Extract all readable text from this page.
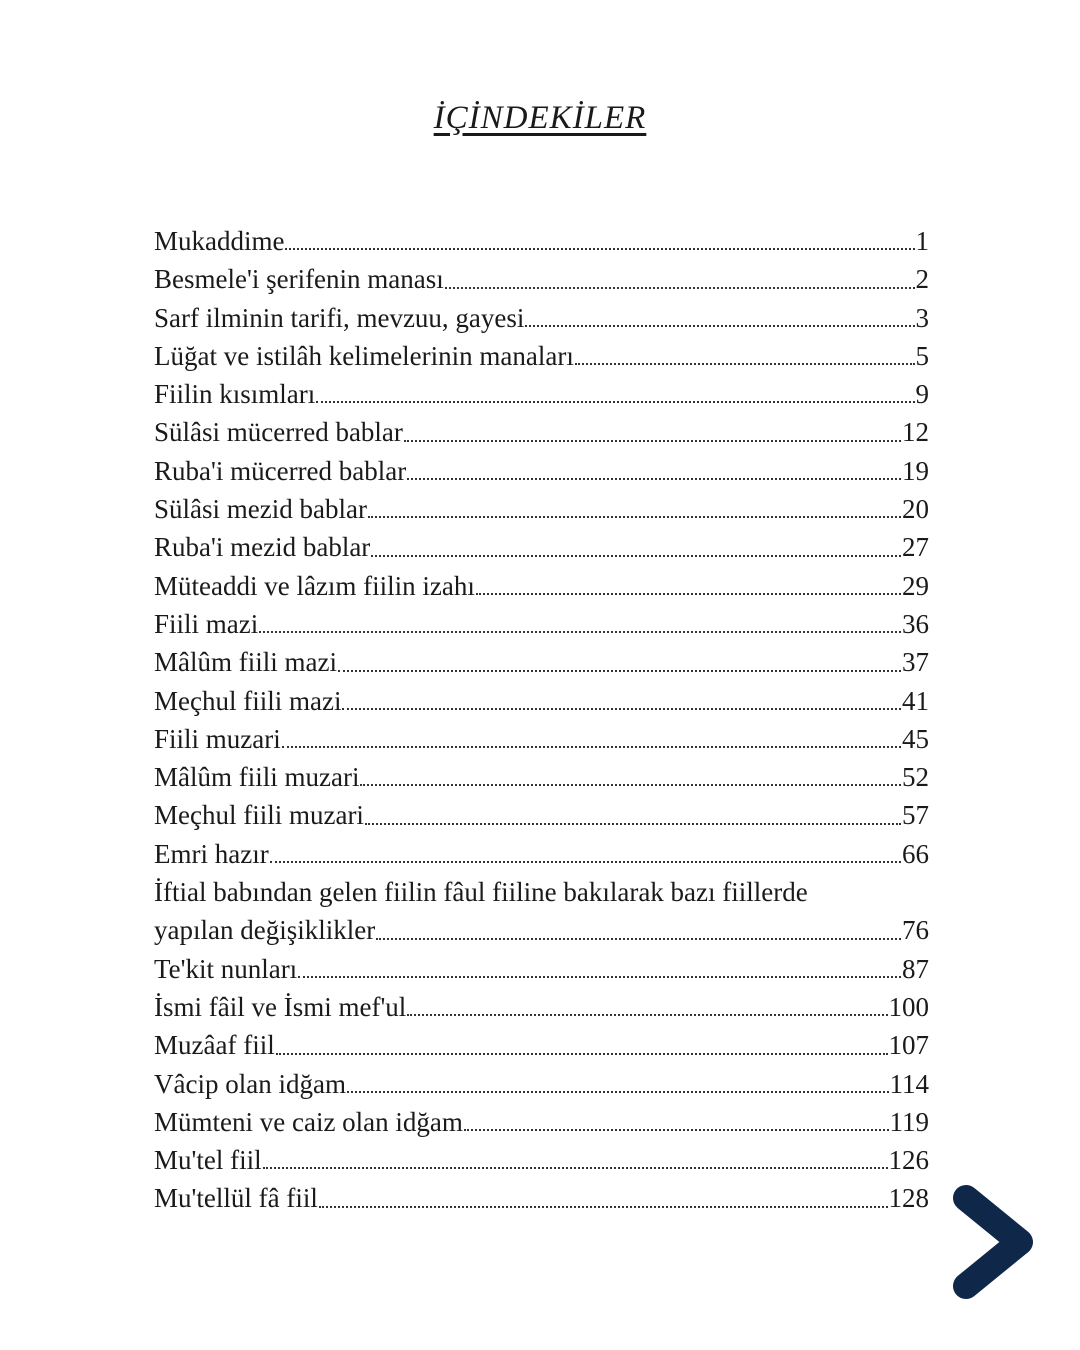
İÇİNDEKİLER
Mukaddime	1
Besmele'i şerifenin manası	2
Sarf ilminin tarifi, mevzuu, gayesi	3
Lüğat ve istilâh kelimelerinin manaları	5
Fiilin kısımları	9
Sülâsi mücerred bablar	12
Ruba'i mücerred bablar	19
Sülâsi mezid bablar	20
Ruba'i mezid bablar	27
Müteaddi ve lâzım fiilin izahı	29
Fiili mazi	36
Mâlûm fiili mazi	37
Meçhul fiili mazi	41
Fiili muzari	45
Mâlûm fiili muzari	52
Meçhul fiili muzari	57
Emri hazır	66
İftial babından gelen fiilin fâul fiiline bakılarak bazı fiillerde
yapılan değişiklikler	76
Te'kit nunları	87
İsmi fâil ve İsmi mef'ul	100
Muzâaf fiil	107
Vâcip olan idğam	114
Mümteni ve caiz olan idğam	119
Mu'tel fiil	126
Mu'tellül fâ fiil	128
